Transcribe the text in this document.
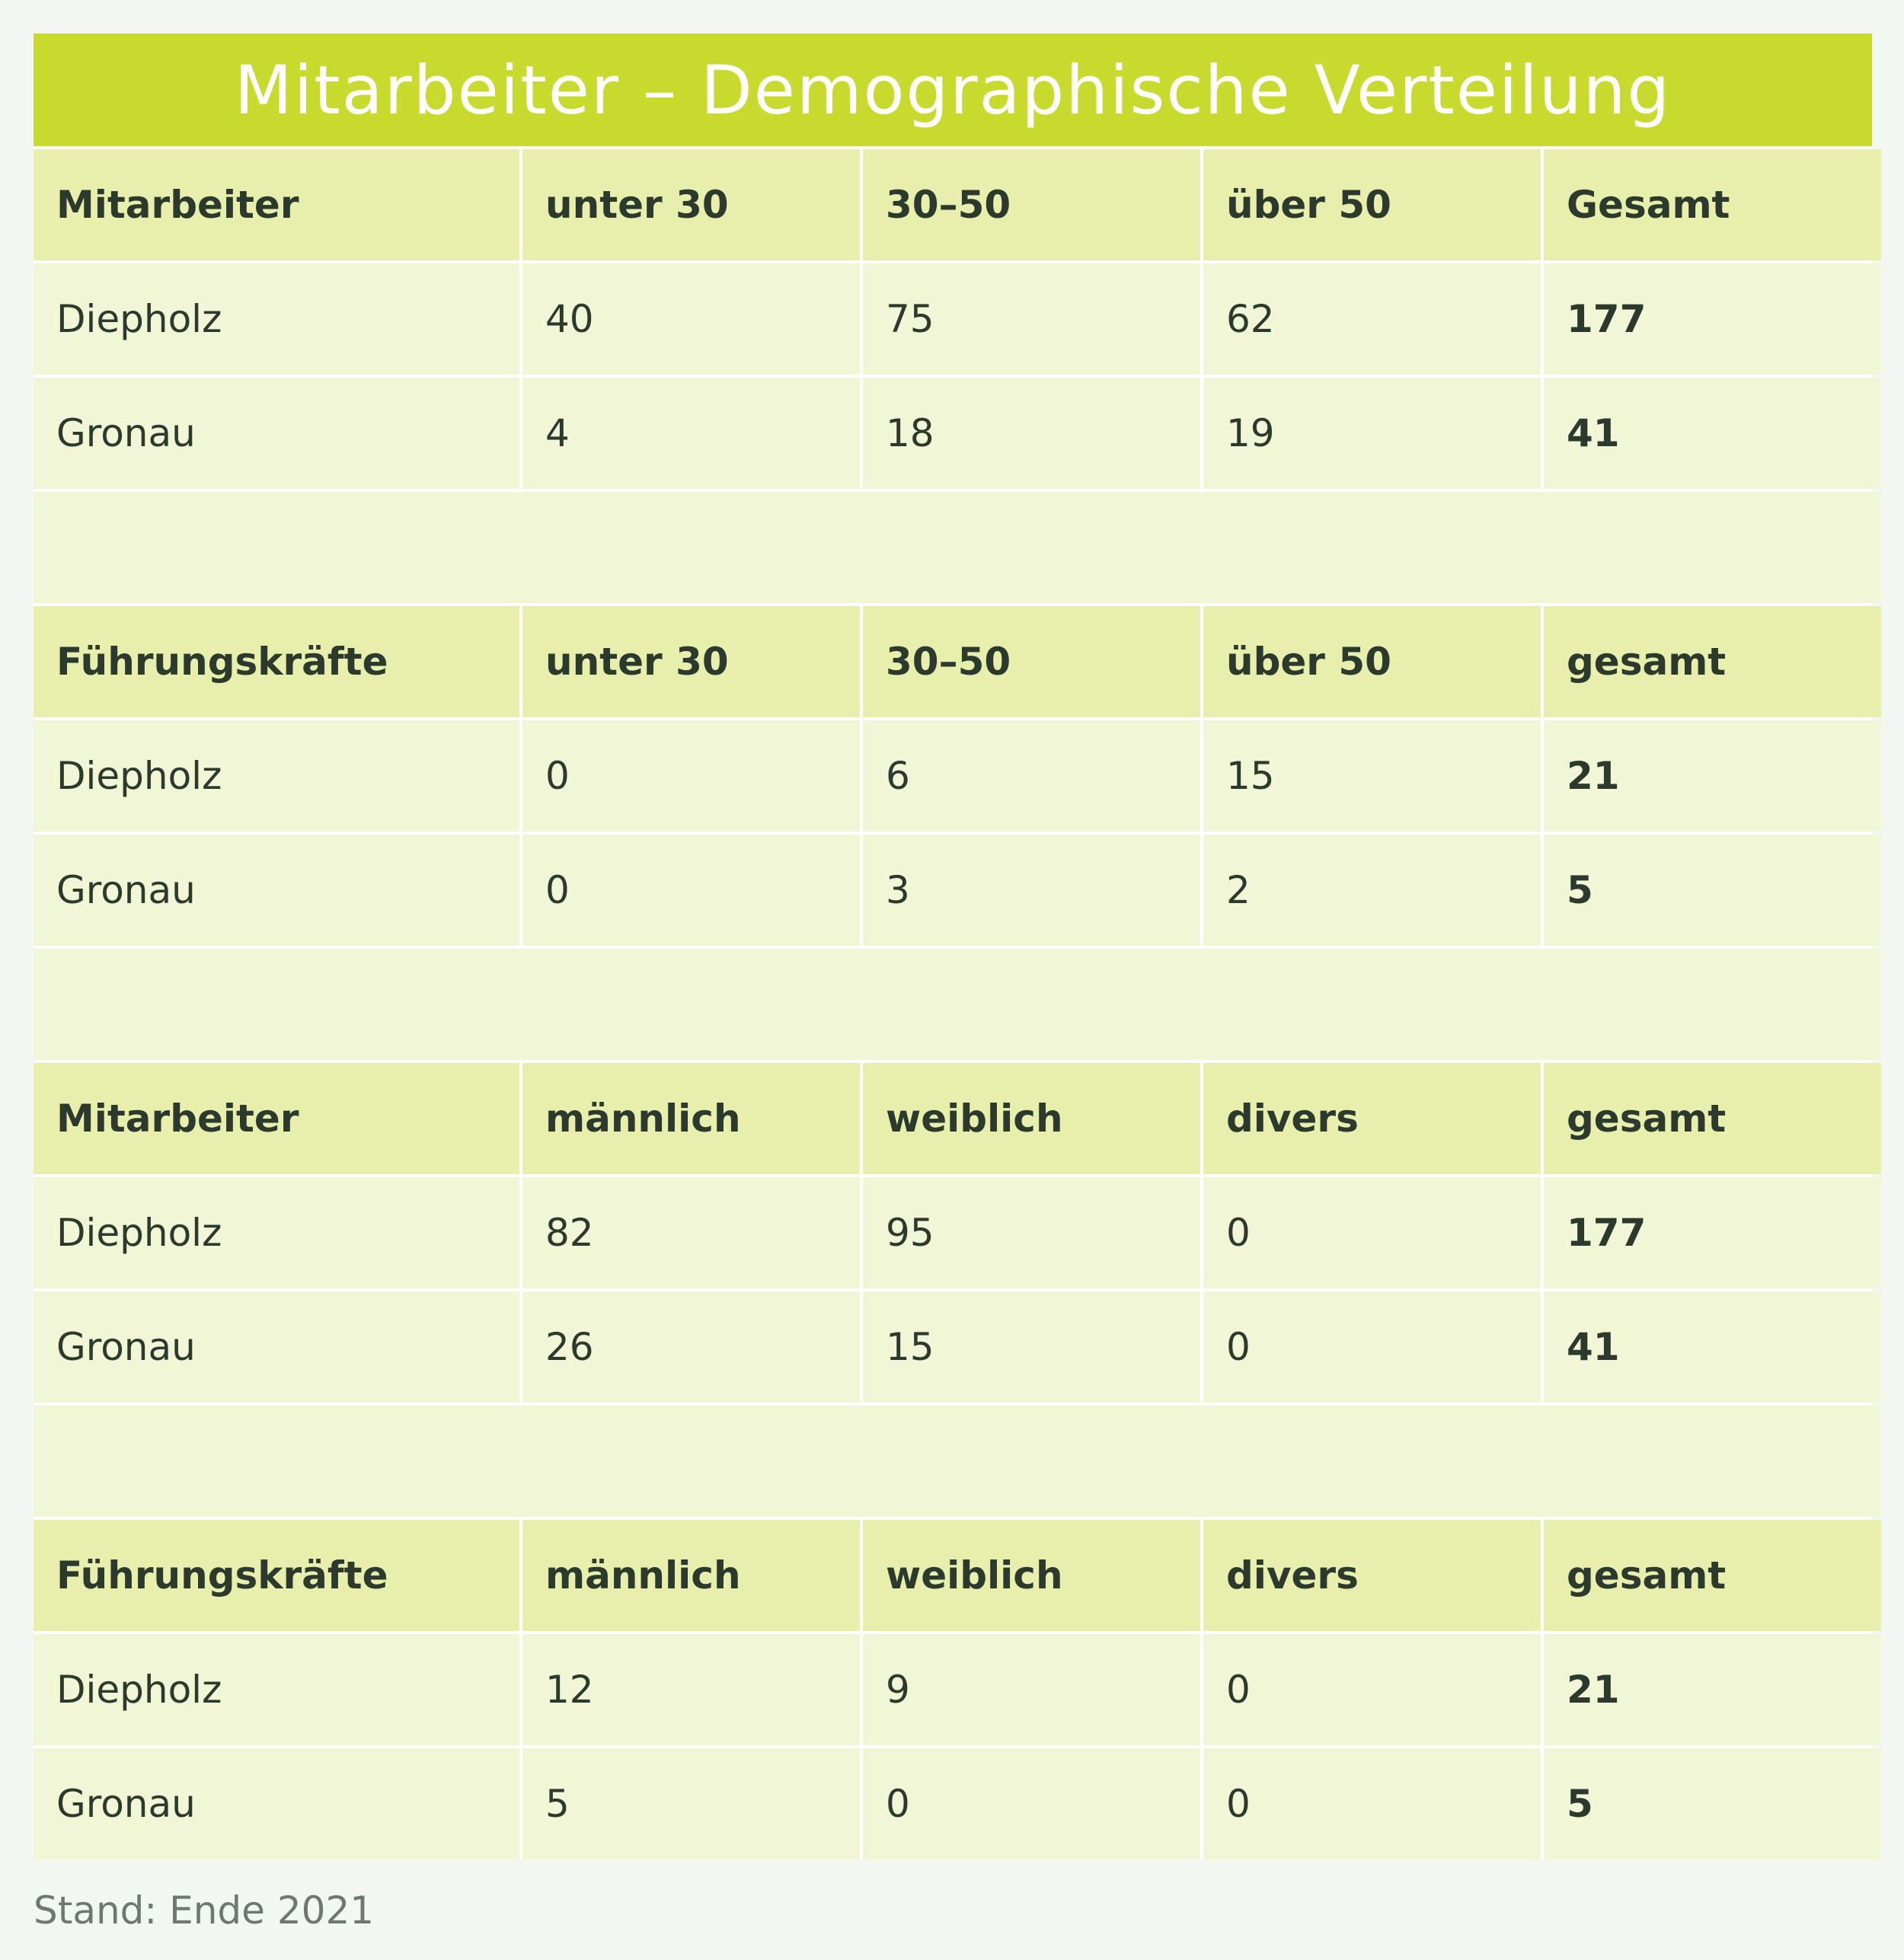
Mitarbeiter – Demographische Verteilung
Mitarbeiter	unter 30	30–50	über 50	Gesamt
Diepholz	40	75	62	177
Gronau	4	18	19	41
Führungskräfte	unter 30	30–50	über 50	gesamt
Diepholz	0	6	15	21
Gronau	0	3	2	5
Mitarbeiter	männlich	weiblich	divers	gesamt
Diepholz	82	95	0	177
Gronau	26	15	0	41
Führungskräfte	männlich	weiblich	divers	gesamt
Diepholz	12	9	0	21
Gronau	5	0	0	5
Stand: Ende 2021
